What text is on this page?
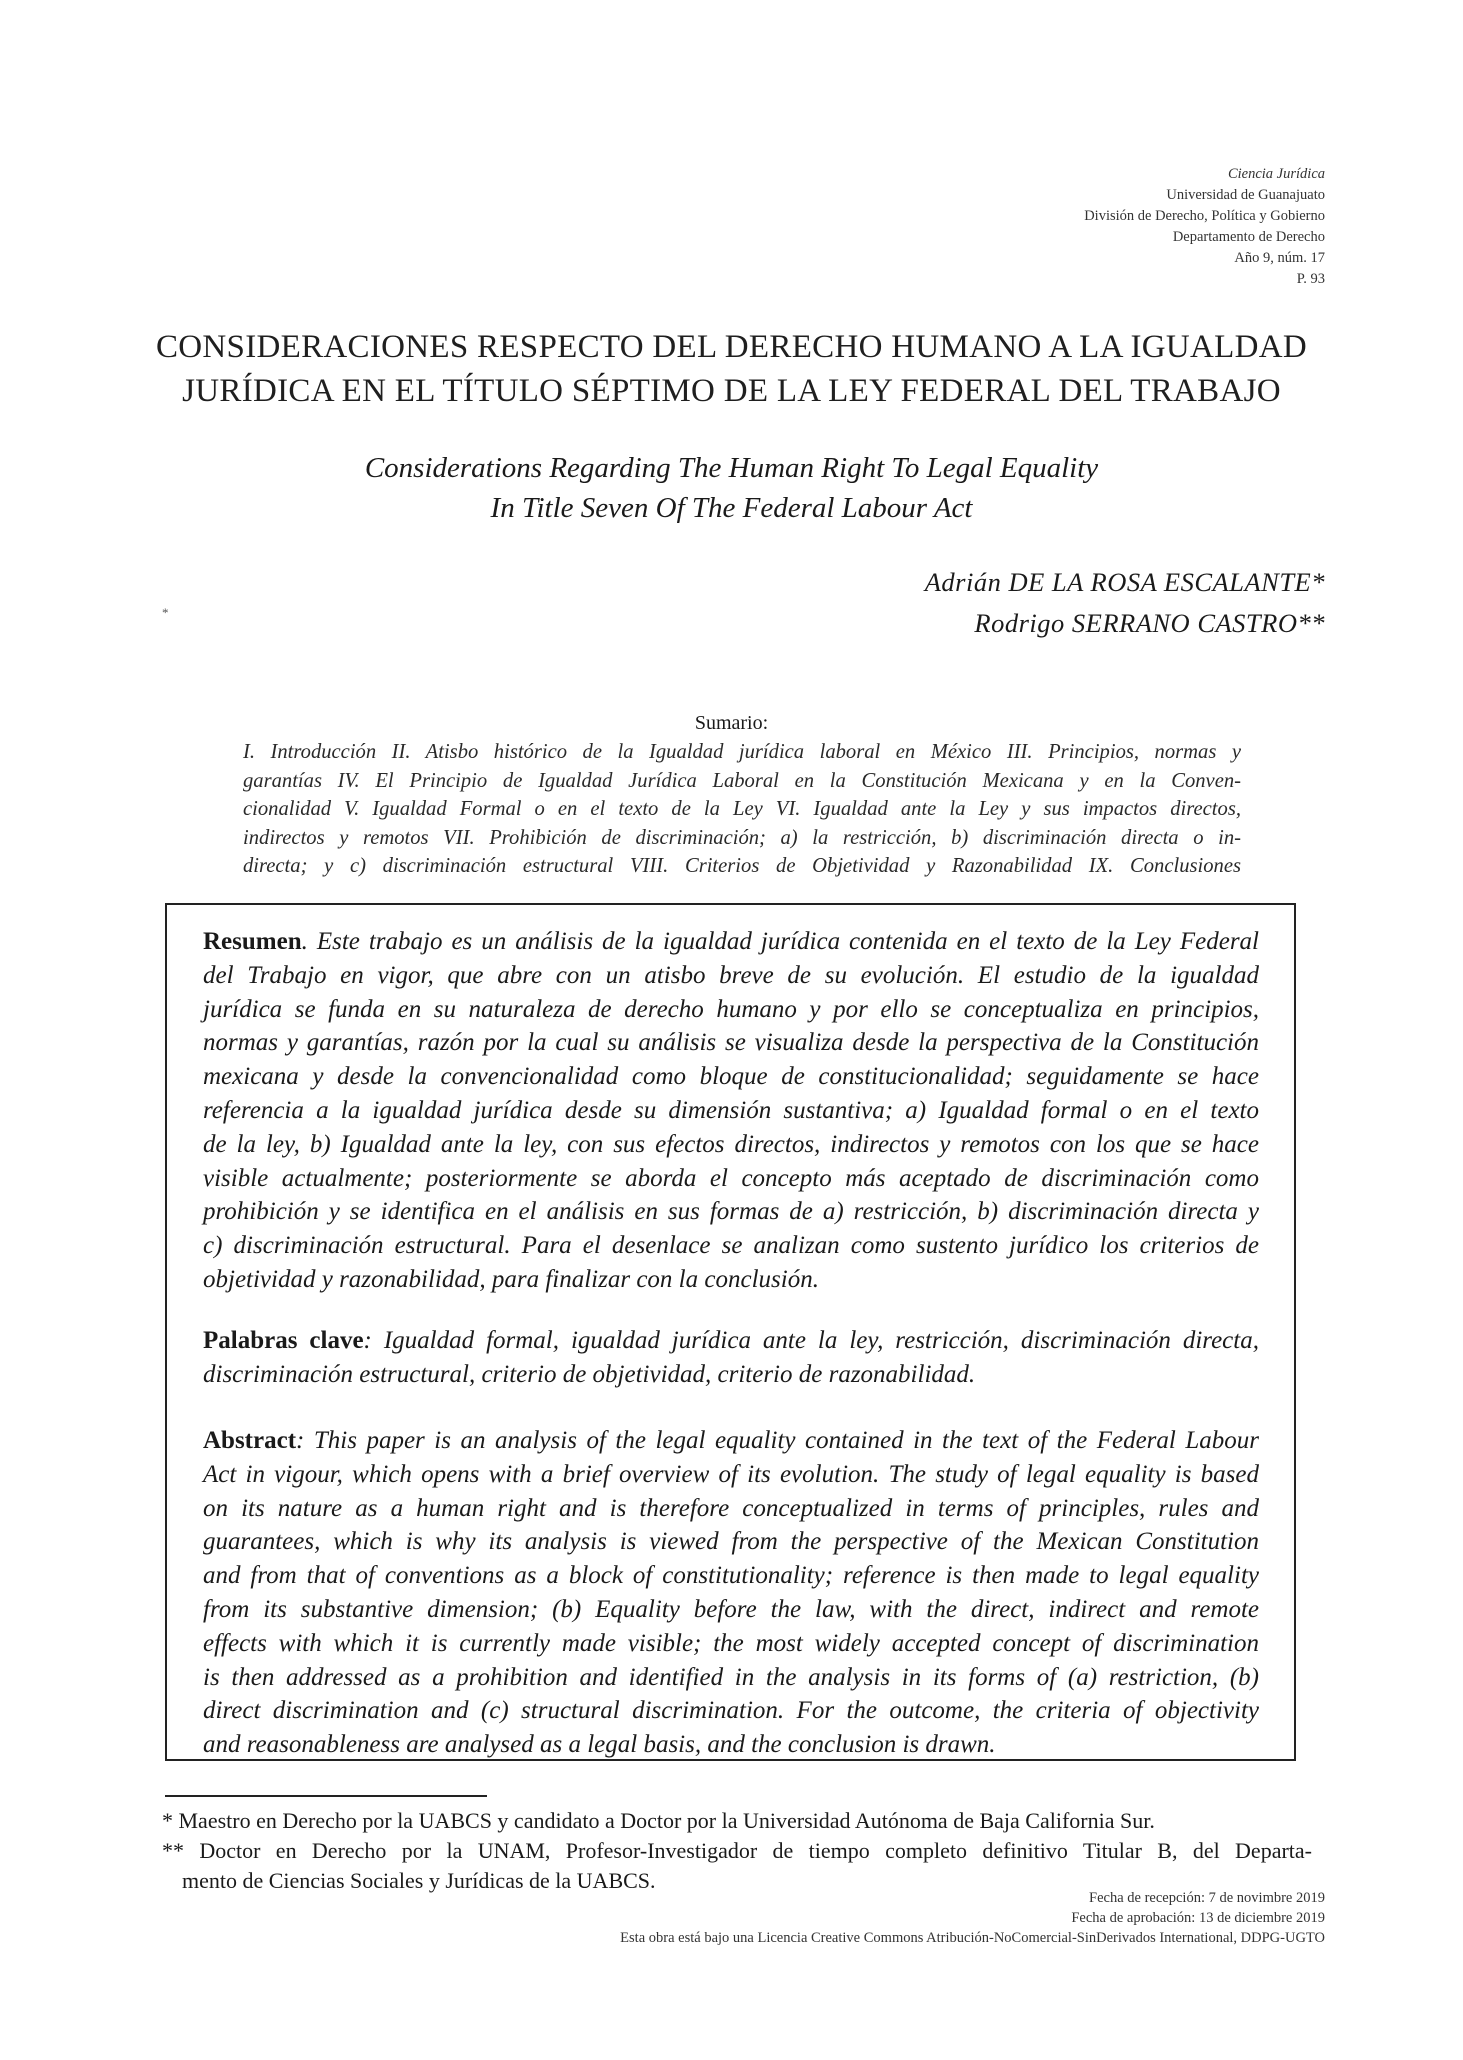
Ciencia Jurídica
Universidad de Guanajuato
División de Derecho, Política y Gobierno
Departamento de Derecho
Año 9, núm. 17
P. 93
CONSIDERACIONES RESPECTO DEL DERECHO HUMANO A LA IGUALDAD
JURÍDICA EN EL TÍTULO SÉPTIMO DE LA LEY FEDERAL DEL TRABAJO
Considerations Regarding The Human Right To Legal Equality
In Title Seven Of The Federal Labour Act
Adrián DE LA ROSA ESCALANTE*
Rodrigo SERRANO CASTRO**
*
Sumario:
I. Introducción II. Atisbo histórico de la Igualdad jurídica laboral en México III. Principios, normas y
garantías IV. El Principio de Igualdad Jurídica Laboral en la Constitución Mexicana y en la Conven-
cionalidad V. Igualdad Formal o en el texto de la Ley VI. Igualdad ante la Ley y sus impactos directos,
indirectos y remotos VII. Prohibición de discriminación; a) la restricción, b) discriminación directa o in-
directa; y c) discriminación estructural VIII. Criterios de Objetividad y Razonabilidad IX. Conclusiones
Resumen. Este trabajo es un análisis de la igualdad jurídica contenida en el texto de la Ley Federal
del Trabajo en vigor, que abre con un atisbo breve de su evolución. El estudio de la igualdad
jurídica se funda en su naturaleza de derecho humano y por ello se conceptualiza en principios,
normas y garantías, razón por la cual su análisis se visualiza desde la perspectiva de la Constitución
mexicana y desde la convencionalidad como bloque de constitucionalidad; seguidamente se hace
referencia a la igualdad jurídica desde su dimensión sustantiva; a) Igualdad formal o en el texto
de la ley, b) Igualdad ante la ley, con sus efectos directos, indirectos y remotos con los que se hace
visible actualmente; posteriormente se aborda el concepto más aceptado de discriminación como
prohibición y se identifica en el análisis en sus formas de a) restricción, b) discriminación directa y
c) discriminación estructural. Para el desenlace se analizan como sustento jurídico los criterios de
objetividad y razonabilidad, para finalizar con la conclusión.
Palabras clave: Igualdad formal, igualdad jurídica ante la ley, restricción, discriminación directa,
discriminación estructural, criterio de objetividad, criterio de razonabilidad.
Abstract: This paper is an analysis of the legal equality contained in the text of the Federal Labour
Act in vigour, which opens with a brief overview of its evolution. The study of legal equality is based
on its nature as a human right and is therefore conceptualized in terms of principles, rules and
guarantees, which is why its analysis is viewed from the perspective of the Mexican Constitution
and from that of conventions as a block of constitutionality; reference is then made to legal equality
from its substantive dimension; (b) Equality before the law, with the direct, indirect and remote
effects with which it is currently made visible; the most widely accepted concept of discrimination
is then addressed as a prohibition and identified in the analysis in its forms of (a) restriction, (b)
direct discrimination and (c) structural discrimination. For the outcome, the criteria of objectivity
and reasonableness are analysed as a legal basis, and the conclusion is drawn.
* Maestro en Derecho por la UABCS y candidato a Doctor por la Universidad Autónoma de Baja California Sur.
** Doctor en Derecho por la UNAM, Profesor-Investigador de tiempo completo definitivo Titular B, del Departa-
mento de Ciencias Sociales y Jurídicas de la UABCS.
Fecha de recepción: 7 de novimbre 2019
Fecha de aprobación: 13 de diciembre 2019
Esta obra está bajo una Licencia Creative Commons Atribución-NoComercial-SinDerivados International, DDPG-UGTO
